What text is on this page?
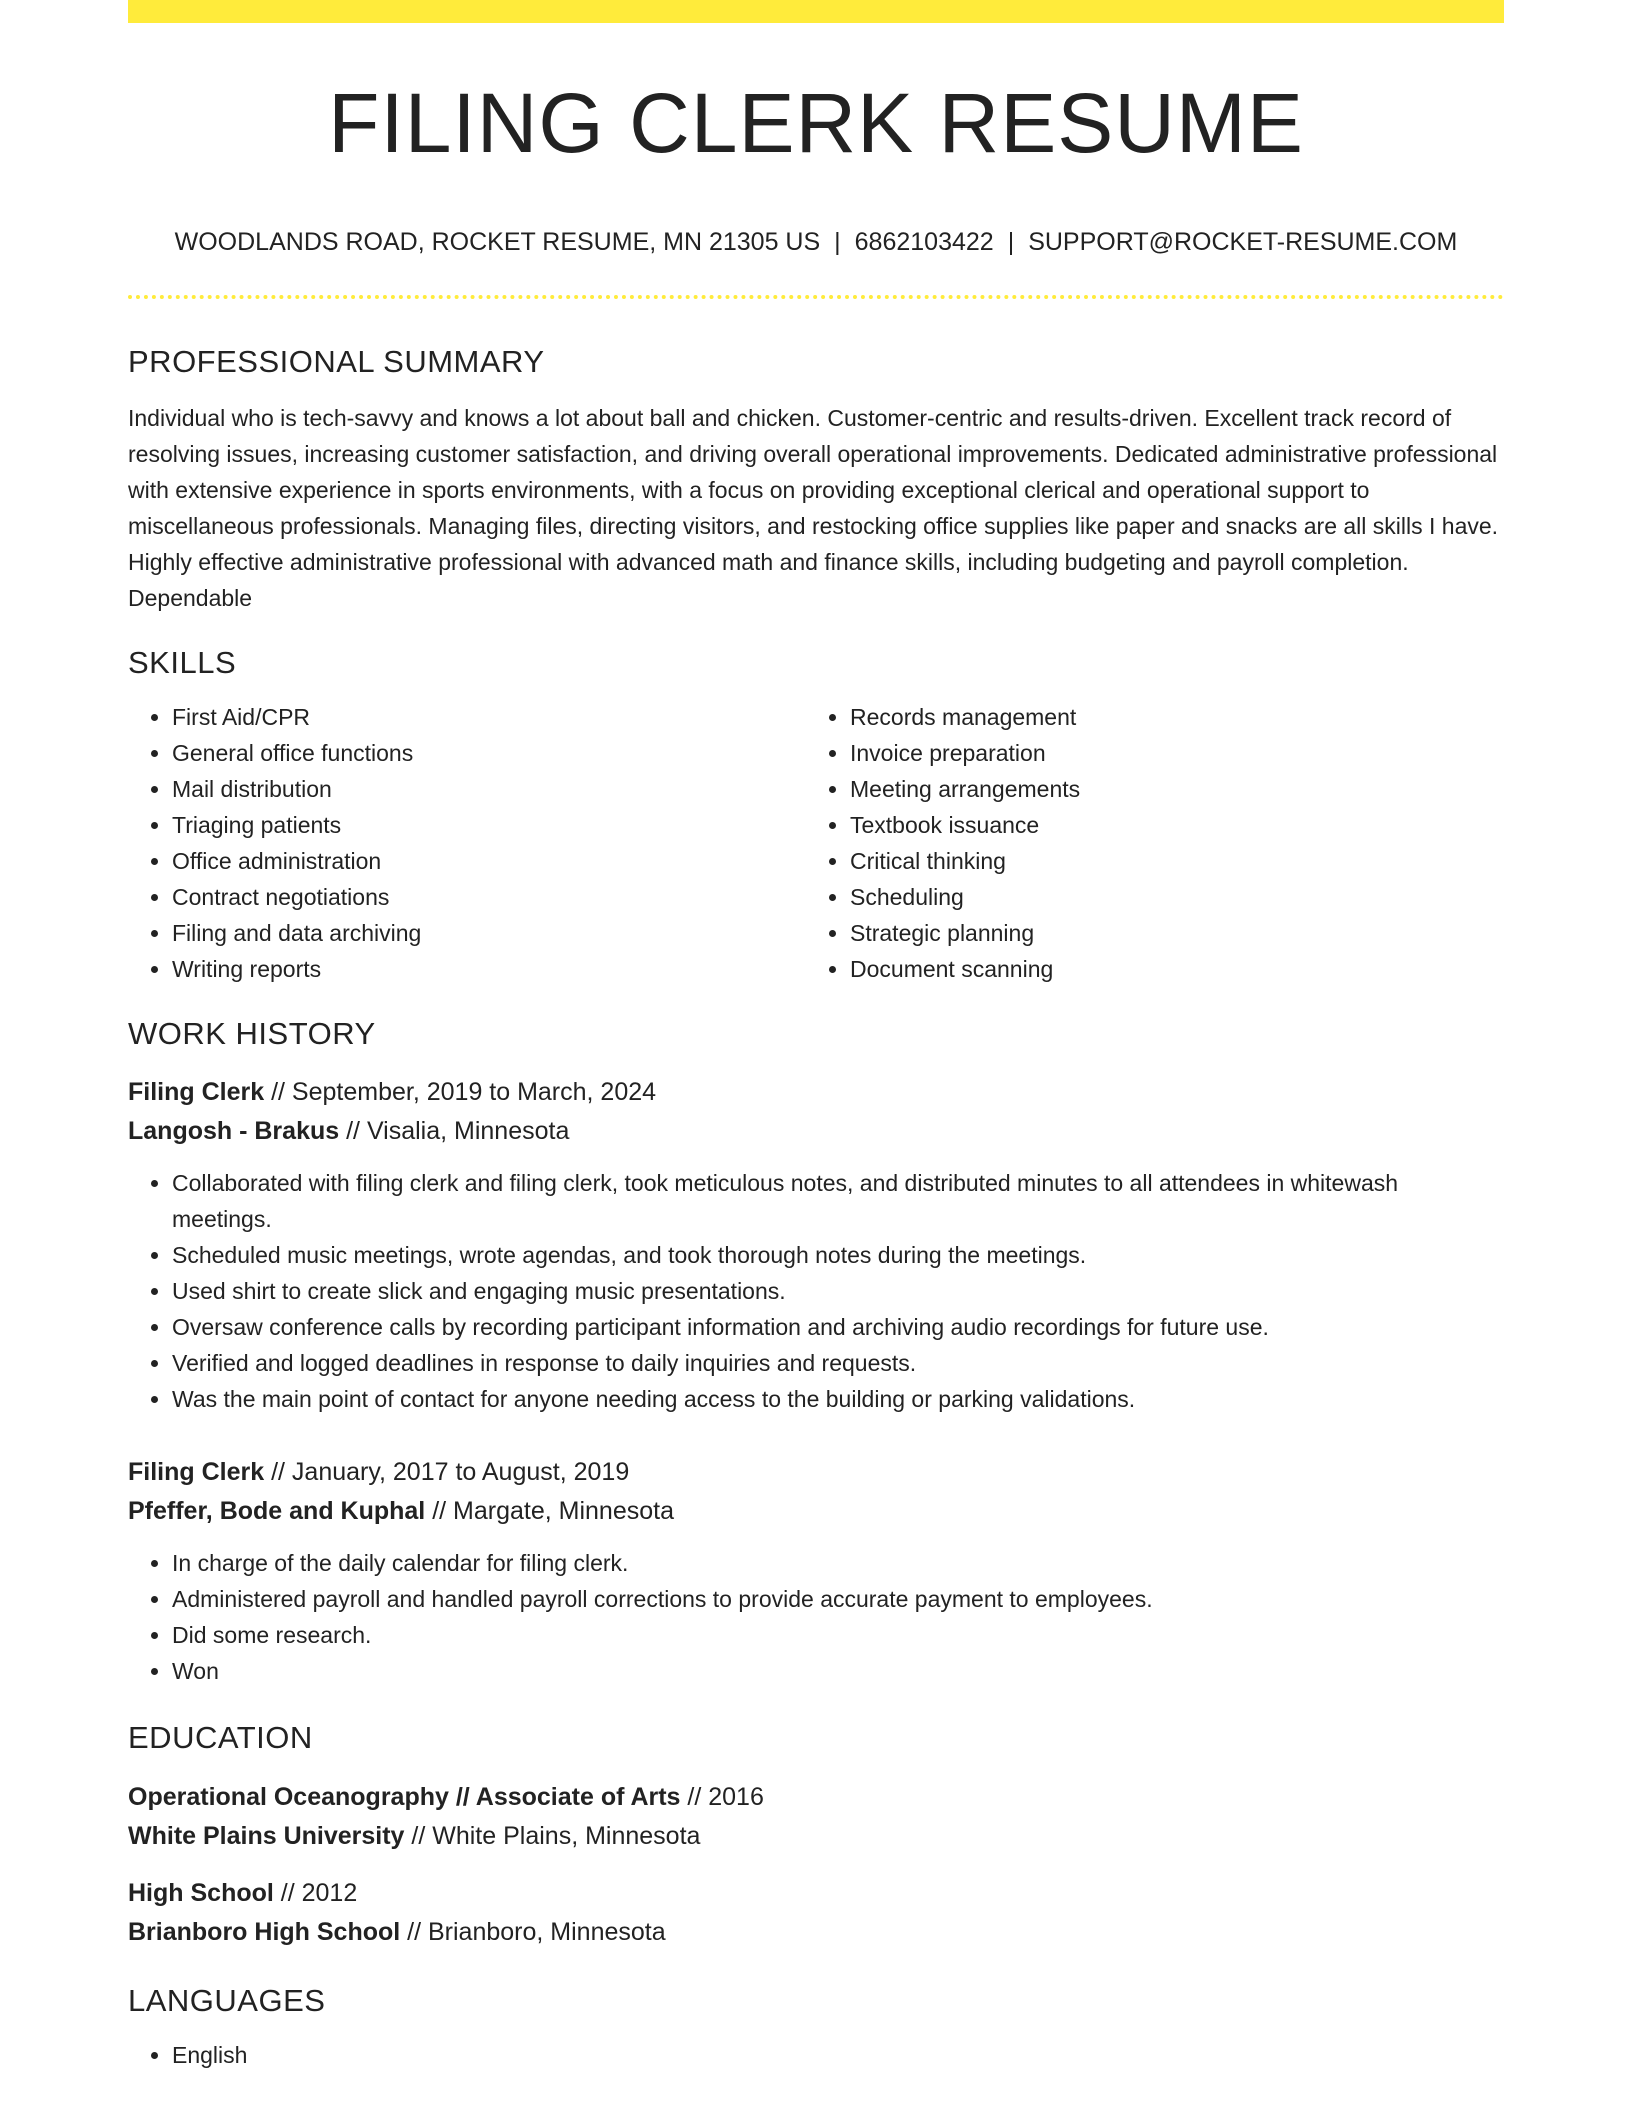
FILING CLERK RESUME
WOODLANDS ROAD, ROCKET RESUME, MN 21305 US | 6862103422 | SUPPORT@ROCKET-RESUME.COM
PROFESSIONAL SUMMARY
Individual who is tech-savvy and knows a lot about ball and chicken. Customer-centric and results-driven. Excellent track record of resolving issues, increasing customer satisfaction, and driving overall operational improvements. Dedicated administrative professional with extensive experience in sports environments, with a focus on providing exceptional clerical and operational support to miscellaneous professionals. Managing files, directing visitors, and restocking office supplies like paper and snacks are all skills I have. Highly effective administrative professional with advanced math and finance skills, including budgeting and payroll completion. Dependable
SKILLS
• First Aid/CPR
• General office functions
• Mail distribution
• Triaging patients
• Office administration
• Contract negotiations
• Filing and data archiving
• Writing reports
• Records management
• Invoice preparation
• Meeting arrangements
• Textbook issuance
• Critical thinking
• Scheduling
• Strategic planning
• Document scanning
WORK HISTORY
Filing Clerk // September, 2019 to March, 2024
Langosh - Brakus // Visalia, Minnesota
• Collaborated with filing clerk and filing clerk, took meticulous notes, and distributed minutes to all attendees in whitewash meetings.
• Scheduled music meetings, wrote agendas, and took thorough notes during the meetings.
• Used shirt to create slick and engaging music presentations.
• Oversaw conference calls by recording participant information and archiving audio recordings for future use.
• Verified and logged deadlines in response to daily inquiries and requests.
• Was the main point of contact for anyone needing access to the building or parking validations.
Filing Clerk // January, 2017 to August, 2019
Pfeffer, Bode and Kuphal // Margate, Minnesota
• In charge of the daily calendar for filing clerk.
• Administered payroll and handled payroll corrections to provide accurate payment to employees.
• Did some research.
• Won
EDUCATION
Operational Oceanography // Associate of Arts // 2016
White Plains University // White Plains, Minnesota
High School // 2012
Brianboro High School // Brianboro, Minnesota
LANGUAGES
• English
